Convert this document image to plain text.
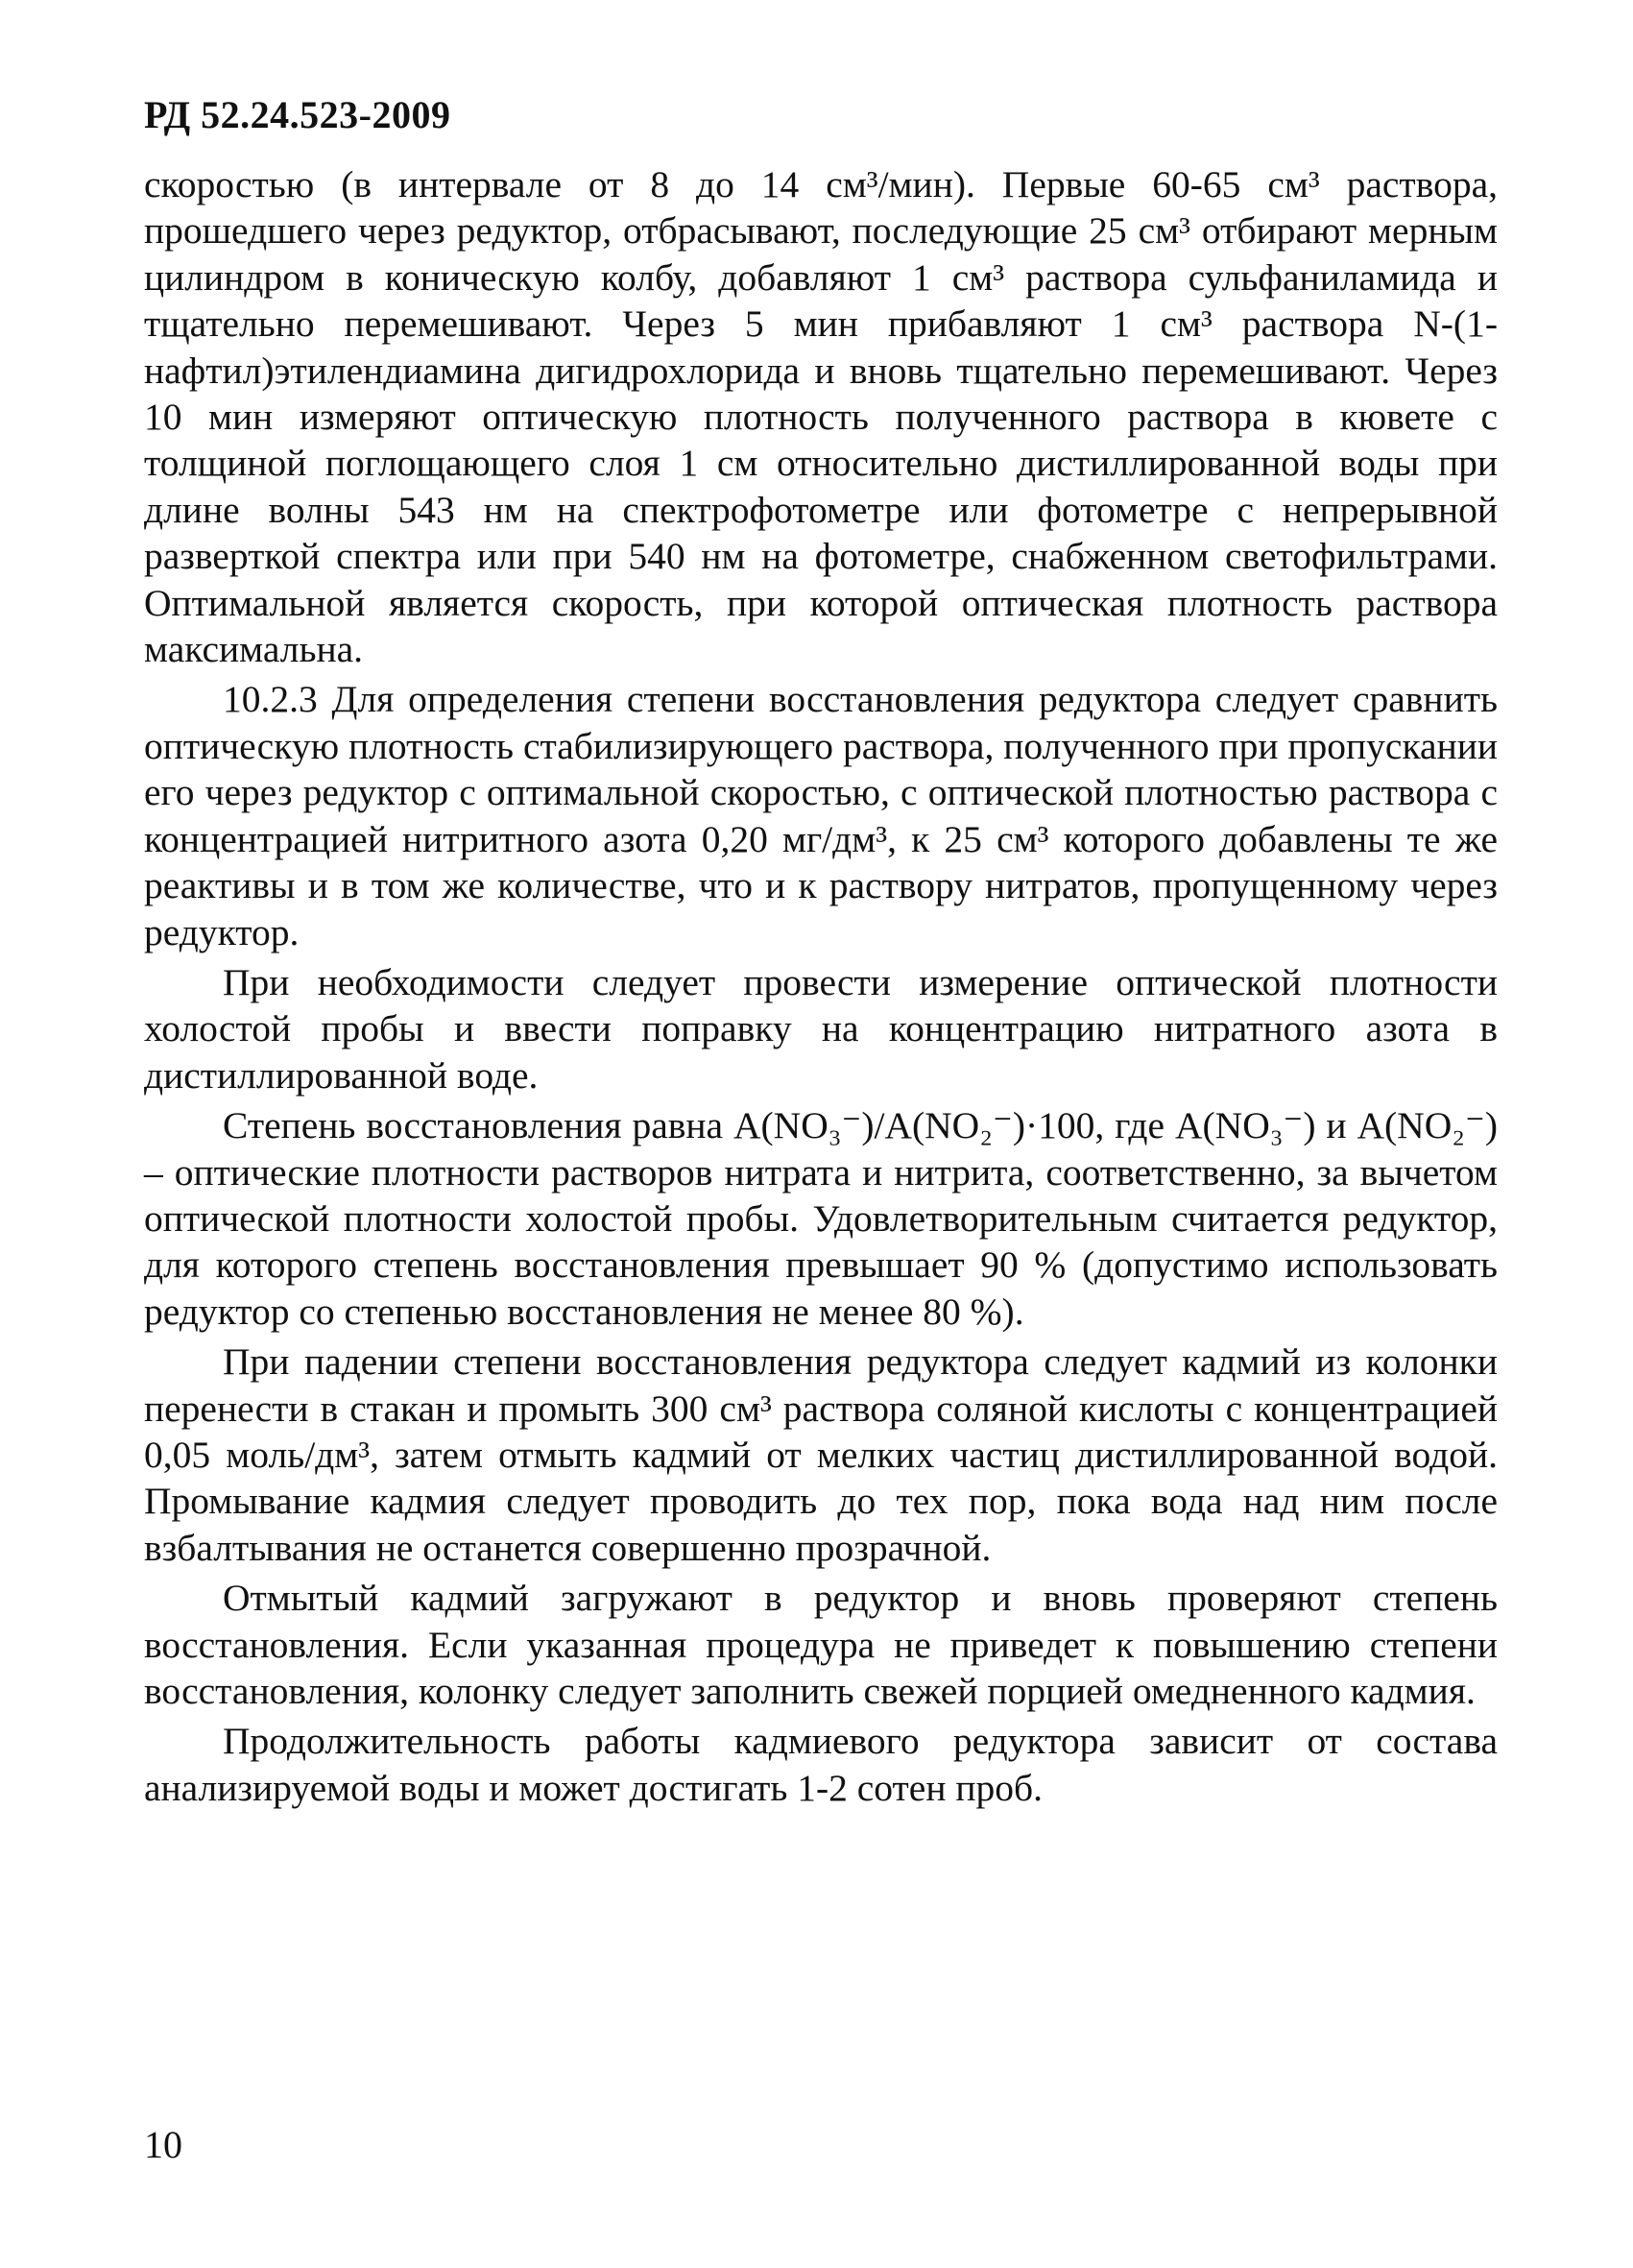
РД 52.24.523-2009

скоростью (в интервале от 8 до 14 см³/мин). Первые 60-65 см³ раствора, прошедшего через редуктор, отбрасывают, последующие 25 см³ отбирают мерным цилиндром в коническую колбу, добавляют 1 см³ раствора сульфаниламида и тщательно перемешивают. Через 5 мин прибавляют 1 см³ раствора N-(1-нафтил)этилендиамина дигидрохлорида и вновь тщательно перемешивают. Через 10 мин измеряют оптическую плотность полученного раствора в кювете с толщиной поглощающего слоя 1 см относительно дистиллированной воды при длине волны 543 нм на спектрофотометре или фотометре с непрерывной разверткой спектра или при 540 нм на фотометре, снабженном светофильтрами. Оптимальной является скорость, при которой оптическая плотность раствора максимальна.

10.2.3 Для определения степени восстановления редуктора следует сравнить оптическую плотность стабилизирующего раствора, полученного при пропускании его через редуктор с оптимальной скоростью, с оптической плотностью раствора с концентрацией нитритного азота 0,20 мг/дм³, к 25 см³ которого добавлены те же реактивы и в том же количестве, что и к раствору нитратов, пропущенному через редуктор.

При необходимости следует провести измерение оптической плотности холостой пробы и ввести поправку на концентрацию нитратного азота в дистиллированной воде.

Степень восстановления равна A(NO₃⁻)/A(NO₂⁻)·100, где A(NO₃⁻) и A(NO₂⁻) – оптические плотности растворов нитрата и нитрита, соответственно, за вычетом оптической плотности холостой пробы. Удовлетворительным считается редуктор, для которого степень восстановления превышает 90 % (допустимо использовать редуктор со степенью восстановления не менее 80 %).

При падении степени восстановления редуктора следует кадмий из колонки перенести в стакан и промыть 300 см³ раствора соляной кислоты с концентрацией 0,05 моль/дм³, затем отмыть кадмий от мелких частиц дистиллированной водой. Промывание кадмия следует проводить до тех пор, пока вода над ним после взбалтывания не останется совершенно прозрачной.

Отмытый кадмий загружают в редуктор и вновь проверяют степень восстановления. Если указанная процедура не приведет к повышению степени восстановления, колонку следует заполнить свежей порцией омедненного кадмия.

Продолжительность работы кадмиевого редуктора зависит от состава анализируемой воды и может достигать 1-2 сотен проб.

10
